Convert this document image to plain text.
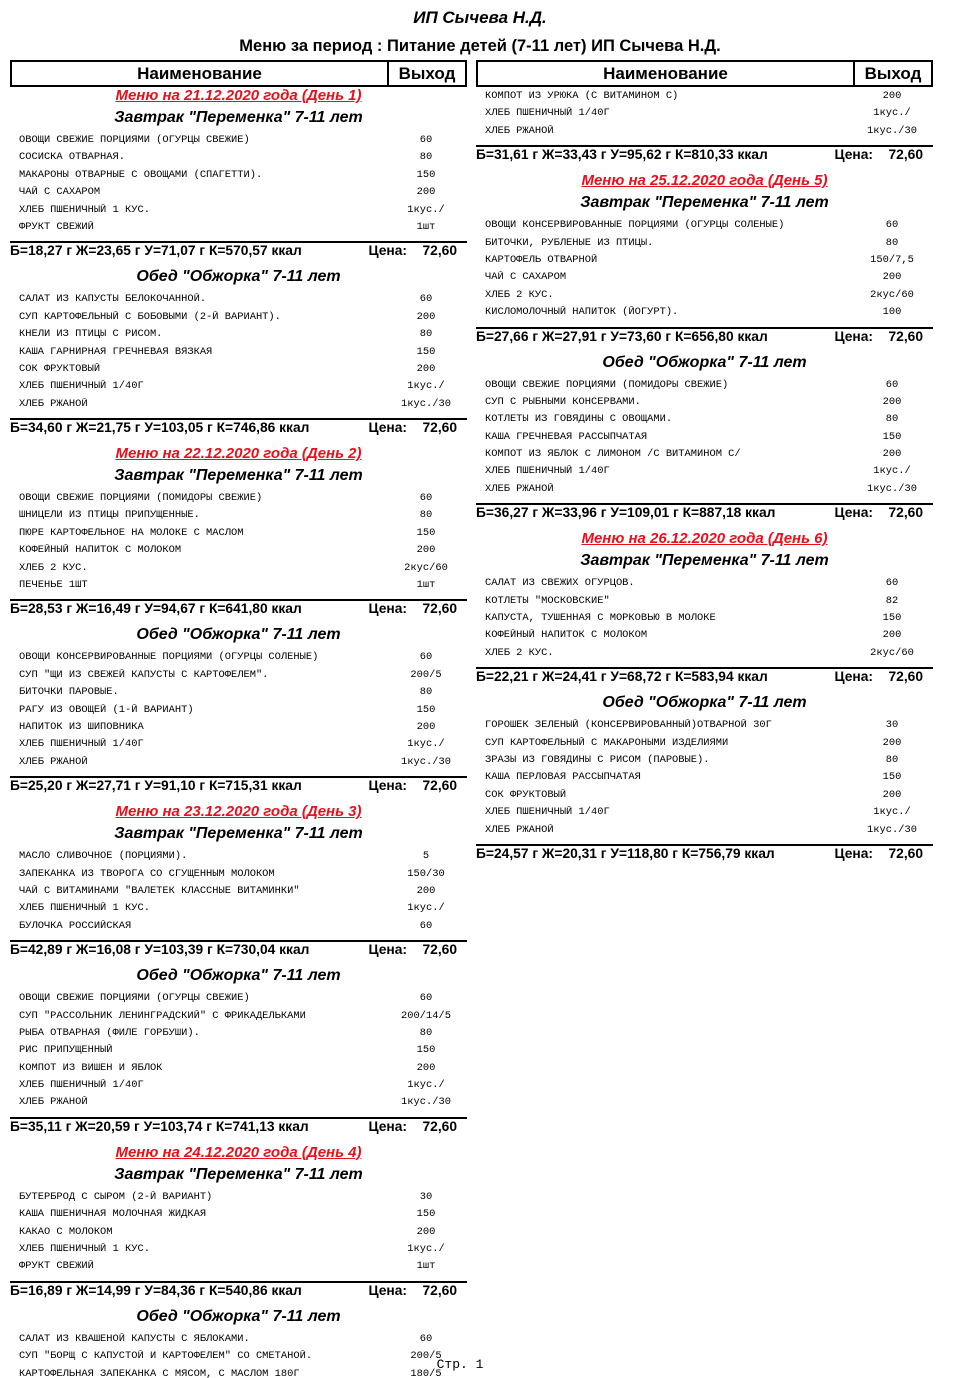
ИП Сычева Н.Д.
Меню за период : Питание детей (7-11 лет) ИП Сычева Н.Д.
Наименование	Выход
Меню на 21.12.2020 года (День 1)
Завтрак "Переменка" 7-11 лет
ОВОЩИ СВЕЖИЕ ПОРЦИЯМИ (ОГУРЦЫ СВЕЖИЕ)	60
СОСИСКА ОТВАРНАЯ.	80
МАКАРОНЫ ОТВАРНЫЕ С ОВОЩАМИ (СПАГЕТТИ).	150
ЧАЙ С САХАРОМ	200
ХЛЕБ ПШЕНИЧНЫЙ 1 КУС.	1кус./
ФРУКТ СВЕЖИЙ	1шт
Б=18,27 г Ж=23,65 г У=71,07 г К=570,57 ккал	Цена: 72,60
Обед "Обжорка" 7-11 лет
САЛАТ ИЗ КАПУСТЫ БЕЛОКОЧАННОЙ.	60
СУП КАРТОФЕЛЬНЫЙ С БОБОВЫМИ (2-Й ВАРИАНТ).	200
КНЕЛИ ИЗ ПТИЦЫ С РИСОМ.	80
КАША ГАРНИРНАЯ ГРЕЧНЕВАЯ ВЯЗКАЯ	150
СОК ФРУКТОВЫЙ	200
ХЛЕБ ПШЕНИЧНЫЙ 1/40Г	1кус./
ХЛЕБ РЖАНОЙ	1кус./30
Б=34,60 г Ж=21,75 г У=103,05 г К=746,86 ккал	Цена: 72,60
Меню на 22.12.2020 года (День 2)
Завтрак "Переменка" 7-11 лет
ОВОЩИ СВЕЖИЕ ПОРЦИЯМИ (ПОМИДОРЫ СВЕЖИЕ)	60
ШНИЦЕЛИ ИЗ ПТИЦЫ ПРИПУЩЕННЫЕ.	80
ПЮРЕ КАРТОФЕЛЬНОЕ НА МОЛОКЕ С МАСЛОМ	150
КОФЕЙНЫЙ НАПИТОК С МОЛОКОМ	200
ХЛЕБ 2 КУС.	2кус/60
ПЕЧЕНЬЕ 1ШТ	1шт
Б=28,53 г Ж=16,49 г У=94,67 г К=641,80 ккал	Цена: 72,60
Обед "Обжорка" 7-11 лет
ОВОЩИ КОНСЕРВИРОВАННЫЕ ПОРЦИЯМИ (ОГУРЦЫ СОЛЕНЫЕ)	60
СУП "ЩИ ИЗ СВЕЖЕЙ КАПУСТЫ С КАРТОФЕЛЕМ".	200/5
БИТОЧКИ ПАРОВЫЕ.	80
РАГУ ИЗ ОВОЩЕЙ (1-Й ВАРИАНТ)	150
НАПИТОК ИЗ ШИПОВНИКА	200
ХЛЕБ ПШЕНИЧНЫЙ 1/40Г	1кус./
ХЛЕБ РЖАНОЙ	1кус./30
Б=25,20 г Ж=27,71 г У=91,10 г К=715,31 ккал	Цена: 72,60
Меню на 23.12.2020 года (День 3)
Завтрак "Переменка" 7-11 лет
МАСЛО СЛИВОЧНОЕ (ПОРЦИЯМИ).	5
ЗАПЕКАНКА ИЗ ТВОРОГА СО СГУЩЕННЫМ МОЛОКОМ	150/30
ЧАЙ С ВИТАМИНАМИ "ВАЛЕТЕК КЛАССНЫЕ ВИТАМИНКИ"	200
ХЛЕБ ПШЕНИЧНЫЙ 1 КУС.	1кус./
БУЛОЧКА РОССИЙСКАЯ	60
Б=42,89 г Ж=16,08 г У=103,39 г К=730,04 ккал	Цена: 72,60
Обед "Обжорка" 7-11 лет
ОВОЩИ СВЕЖИЕ ПОРЦИЯМИ (ОГУРЦЫ СВЕЖИЕ)	60
СУП "РАССОЛЬНИК ЛЕНИНГРАДСКИЙ" С ФРИКАДЕЛЬКАМИ	200/14/5
РЫБА ОТВАРНАЯ (ФИЛЕ ГОРБУШИ).	80
РИС ПРИПУЩЕННЫЙ	150
КОМПОТ ИЗ ВИШЕН И ЯБЛОК	200
ХЛЕБ ПШЕНИЧНЫЙ 1/40Г	1кус./
ХЛЕБ РЖАНОЙ	1кус./30
Б=35,11 г Ж=20,59 г У=103,74 г К=741,13 ккал	Цена: 72,60
Меню на 24.12.2020 года (День 4)
Завтрак "Переменка" 7-11 лет
БУТЕРБРОД С СЫРОМ (2-Й ВАРИАНТ)	30
КАША ПШЕНИЧНАЯ МОЛОЧНАЯ ЖИДКАЯ	150
КАКАО С МОЛОКОМ	200
ХЛЕБ ПШЕНИЧНЫЙ 1 КУС.	1кус./
ФРУКТ СВЕЖИЙ	1шт
Б=16,89 г Ж=14,99 г У=84,36 г К=540,86 ккал	Цена: 72,60
Обед "Обжорка" 7-11 лет
САЛАТ ИЗ КВАШЕНОЙ КАПУСТЫ С ЯБЛОКАМИ.	60
СУП "БОРЩ С КАПУСТОЙ И КАРТОФЕЛЕМ" СО СМЕТАНОЙ.	200/5
КАРТОФЕЛЬНАЯ ЗАПЕКАНКА С МЯСОМ, С МАСЛОМ 180Г	180/5
Наименование	Выход
КОМПОТ ИЗ УРЮКА (С ВИТАМИНОМ С)	200
ХЛЕБ ПШЕНИЧНЫЙ 1/40Г	1кус./
ХЛЕБ РЖАНОЙ	1кус./30
Б=31,61 г Ж=33,43 г У=95,62 г К=810,33 ккал	Цена: 72,60
Меню на 25.12.2020 года (День 5)
Завтрак "Переменка" 7-11 лет
ОВОЩИ КОНСЕРВИРОВАННЫЕ ПОРЦИЯМИ (ОГУРЦЫ СОЛЕНЫЕ)	60
БИТОЧКИ, РУБЛЕНЫЕ ИЗ ПТИЦЫ.	80
КАРТОФЕЛЬ ОТВАРНОЙ	150/7,5
ЧАЙ С САХАРОМ	200
ХЛЕБ 2 КУС.	2кус/60
КИСЛОМОЛОЧНЫЙ НАПИТОК (ЙОГУРТ).	100
Б=27,66 г Ж=27,91 г У=73,60 г К=656,80 ккал	Цена: 72,60
Обед "Обжорка" 7-11 лет
ОВОЩИ СВЕЖИЕ ПОРЦИЯМИ (ПОМИДОРЫ СВЕЖИЕ)	60
СУП С РЫБНЫМИ КОНСЕРВАМИ.	200
КОТЛЕТЫ ИЗ ГОВЯДИНЫ С ОВОЩАМИ.	80
КАША ГРЕЧНЕВАЯ РАССЫПЧАТАЯ	150
КОМПОТ ИЗ ЯБЛОК С ЛИМОНОМ /С ВИТАМИНОМ С/	200
ХЛЕБ ПШЕНИЧНЫЙ 1/40Г	1кус./
ХЛЕБ РЖАНОЙ	1кус./30
Б=36,27 г Ж=33,96 г У=109,01 г К=887,18 ккал	Цена: 72,60
Меню на 26.12.2020 года (День 6)
Завтрак "Переменка" 7-11 лет
САЛАТ ИЗ СВЕЖИХ ОГУРЦОВ.	60
КОТЛЕТЫ "МОСКОВСКИЕ"	82
КАПУСТА, ТУШЕННАЯ С МОРКОВЬЮ В МОЛОКЕ	150
КОФЕЙНЫЙ НАПИТОК С МОЛОКОМ	200
ХЛЕБ 2 КУС.	2кус/60
Б=22,21 г Ж=24,41 г У=68,72 г К=583,94 ккал	Цена: 72,60
Обед "Обжорка" 7-11 лет
ГОРОШЕК ЗЕЛЕНЫЙ (КОНСЕРВИРОВАННЫЙ)ОТВАРНОЙ 30Г	30
СУП КАРТОФЕЛЬНЫЙ С МАКАРОНЫМИ ИЗДЕЛИЯМИ	200
ЗРАЗЫ ИЗ ГОВЯДИНЫ С РИСОМ (ПАРОВЫЕ).	80
КАША ПЕРЛОВАЯ РАССЫПЧАТАЯ	150
СОК ФРУКТОВЫЙ	200
ХЛЕБ ПШЕНИЧНЫЙ 1/40Г	1кус./
ХЛЕБ РЖАНОЙ	1кус./30
Б=24,57 г Ж=20,31 г У=118,80 г К=756,79 ккал	Цена: 72,60
Стр. 1
